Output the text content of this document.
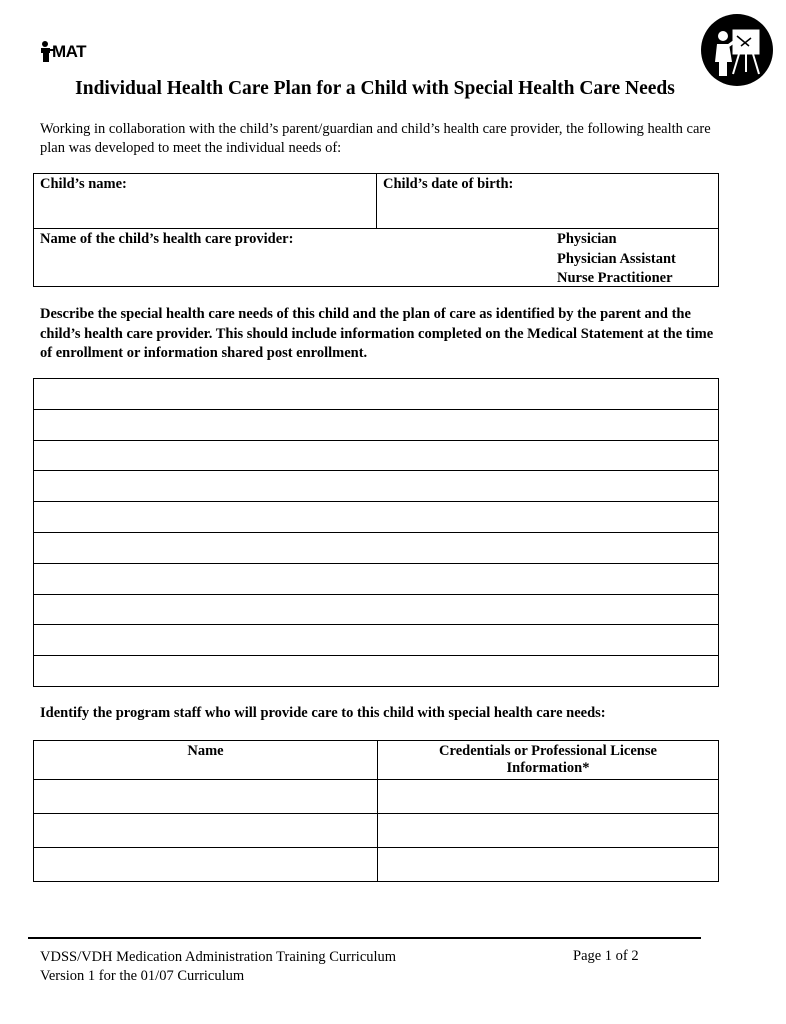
MAT
Individual Health Care Plan for a Child with Special Health Care Needs
Working in collaboration with the child’s parent/guardian and child’s health care provider, the following health care plan was developed to meet the individual needs of:
Child’s name:	Child’s date of birth:
Name of the child’s health care provider:	Physician
Physician Assistant
Nurse Practitioner
Describe the special health care needs of this child and the plan of care as identified by the parent and the child’s health care provider. This should include information completed on the Medical Statement at the time of enrollment or information shared post enrollment.

Identify the program staff who will provide care to this child with special health care needs:
Name	Credentials or Professional License Information*

VDSS/VDH Medication Administration Training Curriculum
Version 1 for the 01/07 Curriculum
Page 1 of 2
